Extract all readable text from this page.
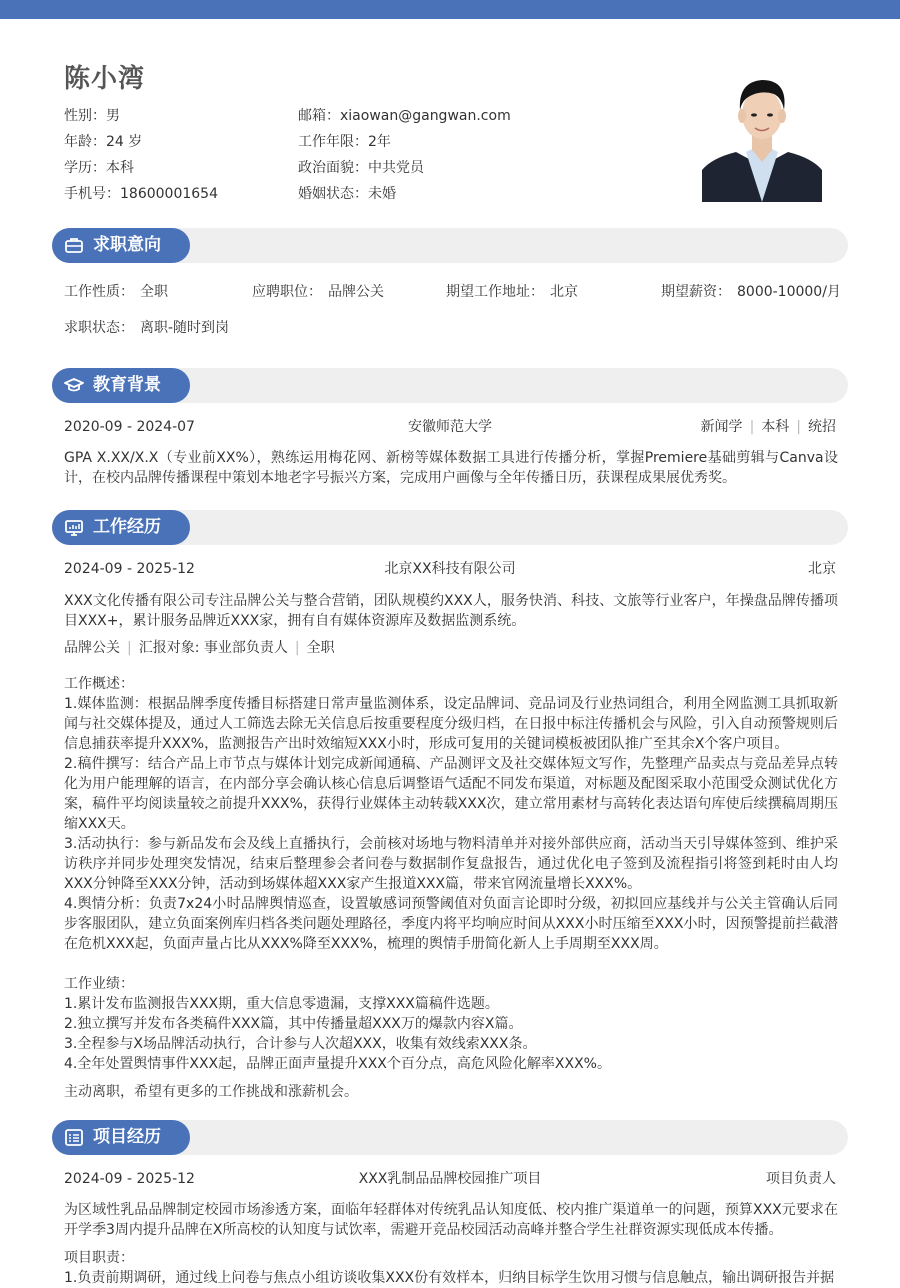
陈小湾
性别：男	邮箱：xiaowan@gangwan.com
年龄：24 岁	工作年限：2年
学历：本科	政治面貌：中共党员
手机号：18600001654	婚姻状态：未婚
求职意向
工作性质： 全职	应聘职位： 品牌公关	期望工作地址： 北京	期望薪资： 8000-10000/月
求职状态： 离职-随时到岗
教育背景
2020-09 - 2024-07	安徽师范大学	新闻学 | 本科 | 统招
GPA X.XX/X.X（专业前XX%），熟练运用梅花网、新榜等媒体数据工具进行传播分析，掌握Premiere基础剪辑与Canva设计，在校内品牌传播课程中策划本地老字号振兴方案，完成用户画像与全年传播日历，获课程成果展优秀奖。
工作经历
2024-09 - 2025-12	北京XX科技有限公司	北京
XXX文化传播有限公司专注品牌公关与整合营销，团队规模约XXX人，服务快消、科技、文旅等行业客户，年操盘品牌传播项目XXX+，累计服务品牌近XXX家，拥有自有媒体资源库及数据监测系统。
品牌公关 | 汇报对象: 事业部负责人 | 全职
工作概述：
1.媒体监测：根据品牌季度传播目标搭建日常声量监测体系，设定品牌词、竞品词及行业热词组合，利用全网监测工具抓取新闻与社交媒体提及，通过人工筛选去除无关信息后按重要程度分级归档，在日报中标注传播机会与风险，引入自动预警规则后信息捕获率提升XXX%，监测报告产出时效缩短XXX小时，形成可复用的关键词模板被团队推广至其余X个客户项目。
2.稿件撰写：结合产品上市节点与媒体计划完成新闻通稿、产品测评文及社交媒体短文写作，先整理产品卖点与竞品差异点转化为用户能理解的语言，在内部分享会确认核心信息后调整语气适配不同发布渠道，对标题及配图采取小范围受众测试优化方案，稿件平均阅读量较之前提升XXX%，获得行业媒体主动转载XXX次，建立常用素材与高转化表达语句库使后续撰稿周期压缩XXX天。
3.活动执行：参与新品发布会及线上直播执行，会前核对场地与物料清单并对接外部供应商，活动当天引导媒体签到、维护采访秩序并同步处理突发情况，结束后整理参会者问卷与数据制作复盘报告，通过优化电子签到及流程指引将签到耗时由人均XXX分钟降至XXX分钟，活动到场媒体超XXX家产生报道XXX篇，带来官网流量增长XXX%。
4.舆情分析：负责7x24小时品牌舆情巡查，设置敏感词预警阈值对负面言论即时分级，初拟回应基线并与公关主管确认后同步客服团队，建立负面案例库归档各类问题处理路径，季度内将平均响应时间从XXX小时压缩至XXX小时，因预警提前拦截潜在危机XXX起，负面声量占比从XXX%降至XXX%，梳理的舆情手册简化新人上手周期至XXX周。
工作业绩：
1.累计发布监测报告XXX期，重大信息零遗漏，支撑XXX篇稿件选题。
2.独立撰写并发布各类稿件XXX篇，其中传播量超XXX万的爆款内容X篇。
3.全程参与X场品牌活动执行，合计参与人次超XXX，收集有效线索XXX条。
4.全年处置舆情事件XXX起，品牌正面声量提升XXX个百分点，高危风险化解率XXX%。
主动离职，希望有更多的工作挑战和涨薪机会。
项目经历
2024-09 - 2025-12	XXX乳制品品牌校园推广项目	项目负责人
为区域性乳品品牌制定校园市场渗透方案，面临年轻群体对传统乳品认知度低、校内推广渠道单一的问题，预算XXX元要求在开学季3周内提升品牌在X所高校的认知度与试饮率，需避开竞品校园活动高峰并整合学生社群资源实现低成本传播。
项目职责：
1.负责前期调研，通过线上问卷与焦点小组访谈收集XXX份有效样本，归纳目标学生饮用习惯与信息触点，输出调研报告并据
